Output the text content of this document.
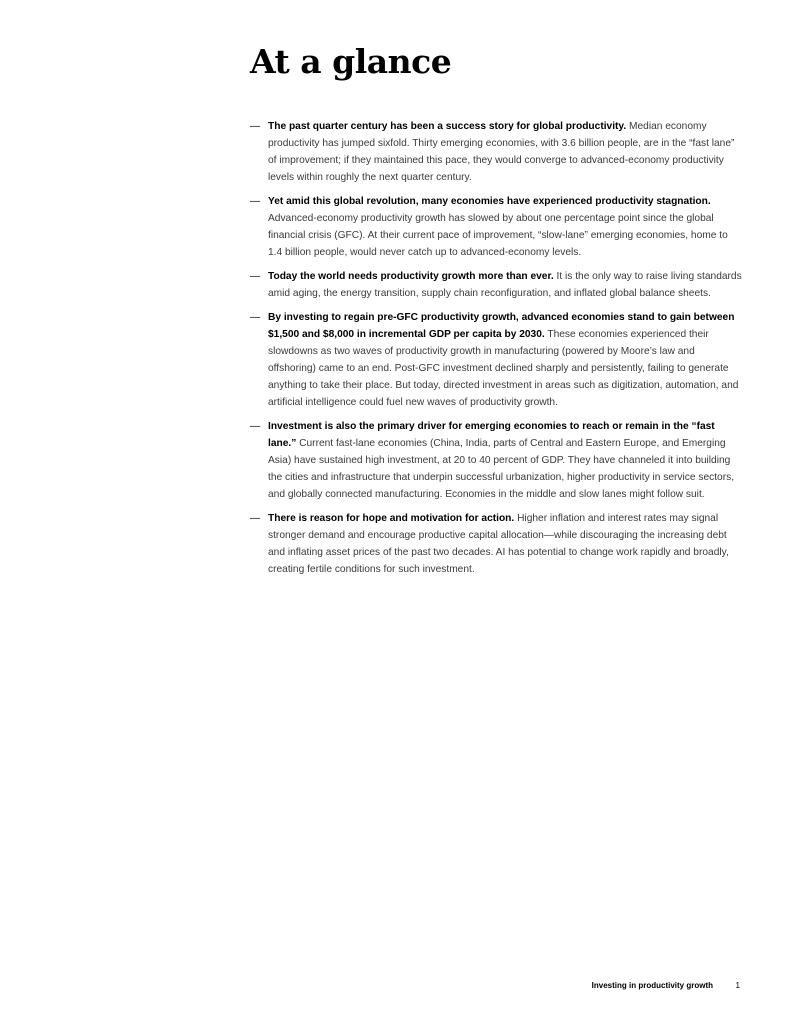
At a glance
— The past quarter century has been a success story for global productivity. Median economy productivity has jumped sixfold. Thirty emerging economies, with 3.6 billion people, are in the “fast lane” of improvement; if they maintained this pace, they would converge to advanced-economy productivity levels within roughly the next quarter century.
— Yet amid this global revolution, many economies have experienced productivity stagnation. Advanced-economy productivity growth has slowed by about one percentage point since the global financial crisis (GFC). At their current pace of improvement, “slow-lane” emerging economies, home to 1.4 billion people, would never catch up to advanced-economy levels.
— Today the world needs productivity growth more than ever. It is the only way to raise living standards amid aging, the energy transition, supply chain reconfiguration, and inflated global balance sheets.
— By investing to regain pre-GFC productivity growth, advanced economies stand to gain between $1,500 and $8,000 in incremental GDP per capita by 2030. These economies experienced their slowdowns as two waves of productivity growth in manufacturing (powered by Moore’s law and offshoring) came to an end. Post-GFC investment declined sharply and persistently, failing to generate anything to take their place. But today, directed investment in areas such as digitization, automation, and artificial intelligence could fuel new waves of productivity growth.
— Investment is also the primary driver for emerging economies to reach or remain in the “fast lane.” Current fast-lane economies (China, India, parts of Central and Eastern Europe, and Emerging Asia) have sustained high investment, at 20 to 40 percent of GDP. They have channeled it into building the cities and infrastructure that underpin successful urbanization, higher productivity in service sectors, and globally connected manufacturing. Economies in the middle and slow lanes might follow suit.
— There is reason for hope and motivation for action. Higher inflation and interest rates may signal stronger demand and encourage productive capital allocation—while discouraging the increasing debt and inflating asset prices of the past two decades. AI has potential to change work rapidly and broadly, creating fertile conditions for such investment.
Investing in productivity growth	1
